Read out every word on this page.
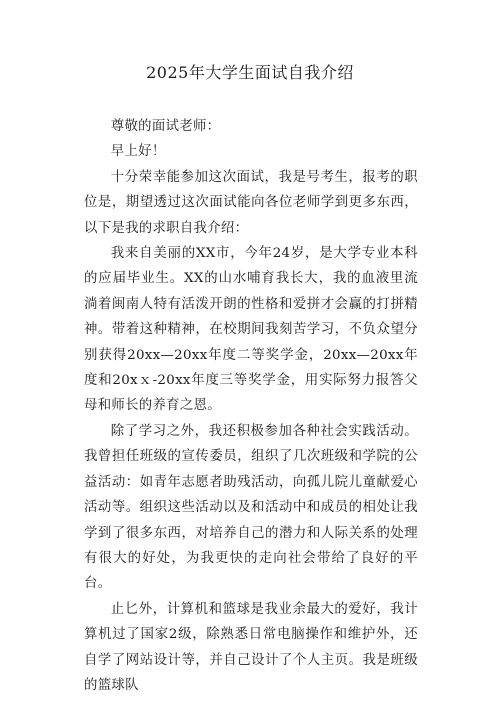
2025年大学生面试自我介绍

尊敬的面试老师：

早上好！

十分荣幸能参加这次面试，我是号考生，报考的职位是，期望透过这次面试能向各位老师学到更多东西，以下是我的求职自我介绍：

我来自美丽的XX市，今年24岁，是大学专业本科的应届毕业生。XX的山水哺育我长大，我的血液里流淌着闽南人特有活泼开朗的性格和爱拼才会赢的打拼精神。带着这种精神，在校期间我刻苦学习，不负众望分别获得20xx—20xx年度二等奖学金，20xx—20xx年度和20xｘ-20xx年度三等奖学金，用实际努力报答父母和师长的养育之恩。

除了学习之外，我还积极参加各种社会实践活动。我曾担任班级的宣传委员，组织了几次班级和学院的公益活动：如青年志愿者助残活动，向孤儿院儿童献爱心活动等。组织这些活动以及和活动中和成员的相处让我学到了很多东西，对培养自己的潜力和人际关系的处理有很大的好处，为我更快的走向社会带给了良好的平台。

止匕外，计算机和篮球是我业余最大的爱好，我计算机过了国家2级，除熟悉日常电脑操作和维护外，还自学了网站设计等，并自己设计了个人主页。我是班级的篮球队
